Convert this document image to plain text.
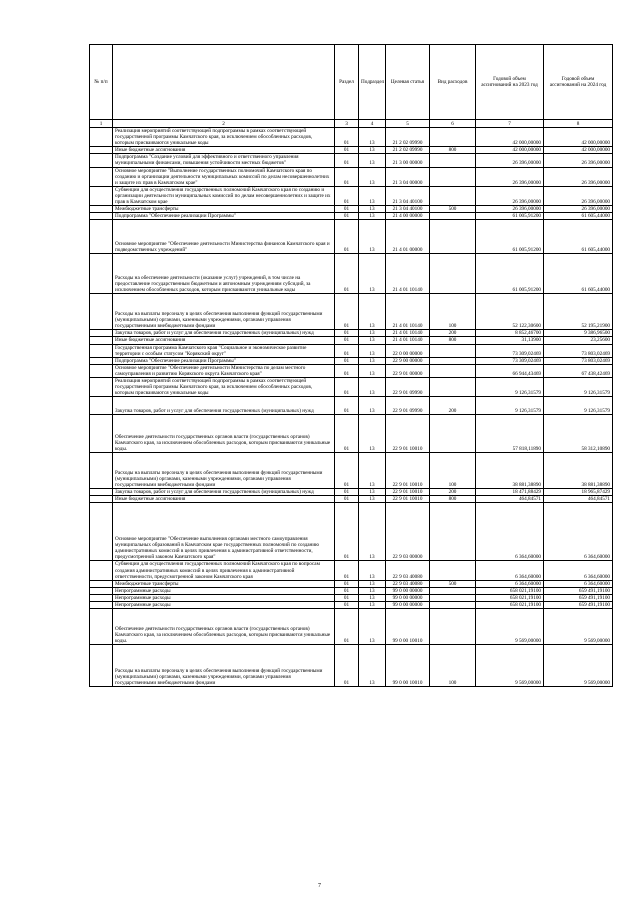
№ п/п		Раздел	Подраздел	Целевая статья	Вид расходов	Годовой объем ассигнований на 2023 год	Годовой объем ассигнований на 2024 год
1	2	3	4	5	6	7	8
	Реализация мероприятий соответствующей подпрограммы в рамках соответствующей государственной программы Камчатского края, за исключением обособленных расходов, которым присваиваются уникальные коды	01	13	21 2 02 09990		42 000,00000	42 000,00000
	Иные бюджетные ассигнования	01	13	21 2 02 09990	800	42 000,00000	42 000,00000
	Подпрограмма "Создание условий для эффективного и ответственного управления муниципальными финансами, повышения устойчивости местных бюджетов"	01	13	21 3 00 00000		26 396,00000	26 396,00000
	Основное мероприятие "Выполнение государственных полномочий Камчатского края по созданию и организации деятельности муниципальных комиссий по делам несовершеннолетних и защите их прав в Камчатском крае"	01	13	21 3 04 00000		26 396,00000	26 396,00000
	Субвенции для осуществления государственных полномочий Камчатского края по созданию и организации деятельности муниципальных комиссий по делам несовершеннолетних и защите их прав в Камчатском крае	01	13	21 3 04 40100		26 396,00000	26 396,00000
	Межбюджетные трансферты	01	13	21 3 04 40100	500	26 396,00000	26 396,00000
	Подпрограмма "Обеспечение реализации Программы"	01	13	21 4 00 00000		61 005,91200	61 605,44000
	Основное мероприятие "Обеспечение деятельности Министерства финансов Камчатского края и подведомственных учреждений"	01	13	21 4 01 00000		61 005,91200	61 605,44000
	Расходы на обеспечение деятельности (оказание услуг) учреждений, в том числе на предоставление государственным бюджетным и автономным учреждениям субсидий, за исключением обособленных расходов, которым присваиваются уникальные коды	01	13	21 4 01 10140		61 005,91200	61 605,44000
	Расходы на выплаты персоналу в целях обеспечения выполнения функций государственными (муниципальными) органами, казенными учреждениями, органами управления государственными внебюджетными фондами	01	13	21 4 01 10140	100	52 122,30600	52 195,21900
	Закупка товаров, работ и услуг для обеспечения государственных (муниципальных) нужд	01	13	21 4 01 10140	200	8 852,46700	9 386,96500
	Иные бюджетные ассигнования	01	13	21 4 01 10140	800	31,13900	23,25600
	Государственная программа Камчатского края "Социальное и экономическое развитие территории с особым статусом "Корякский округ"	01	13	22 0 00 00000		73 309,02469	73 803,02469
	Подпрограмма "Обеспечение реализации Программы"	01	13	22 9 00 00000		73 309,02469	73 803,02469
	Основное мероприятие "Обеспечение деятельности Министерства по делам местного самоуправления и развитию Корякского округа Камчатского края"	01	13	22 9 01 00000		66 944,43469	67 438,42469
	Реализация мероприятий соответствующей подпрограммы в рамках соответствующей государственной программы Камчатского края, за исключением обособленных расходов, которым присваиваются уникальные коды	01	13	22 9 01 09990		9 126,31579	9 126,31579
	Закупка товаров, работ и услуг для обеспечения государственных (муниципальных) нужд	01	13	22 9 01 09990	200	9 126,31579	9 126,31579
	Обеспечение деятельности государственных органов власти (государственных органов) Камчатского края, за исключением обособленных расходов, которым присваиваются уникальные коды.	01	13	22 9 01 10010		57 818,11890	58 312,10890
	Расходы на выплаты персоналу в целях обеспечения выполнения функций государственными (муниципальными) органами, казенными учреждениями, органами управления государственными внебюджетными фондами	01	13	22 9 01 10010	100	38 881,38890	38 881,38890
	Закупка товаров, работ и услуг для обеспечения государственных (муниципальных) нужд	01	13	22 9 01 10010	200	18 471,88429	18 965,87429
	Иные бюджетные ассигнования	01	13	22 9 01 10010	800	464,84571	464,84571
	Основное мероприятие "Обеспечение выполнения органами местного самоуправления муниципальных образований в Камчатском крае государственных полномочий по созданию административных комиссий в целях привлечения к административной ответственности, предусмотренной законом Камчатского края"	01	13	22 9 03 00000		6 364,60000	6 364,60000
	Субвенции для осуществления государственных полномочий Камчатского края по вопросам создания административных комиссий в целях привлечения к административной ответственности, предусмотренной законом Камчатского края	01	13	22 9 03 40080		6 364,60000	6 364,60000
	Межбюджетные трансферты	01	13	22 9 03 40080	500	6 364,60000	6 364,60000
	Непрограммные расходы	01	13	99 0 00 00000		658 021,19100	659 491,19100
	Непрограммные расходы	01	13	99 0 00 00000		658 021,19100	659 491,19100
	Непрограммные расходы	01	13	99 0 00 00000		658 021,19100	659 491,19100
	Обеспечение деятельности государственных органов власти (государственных органов) Камчатского края, за исключением обособленных расходов, которым присваиваются уникальные коды.	01	13	99 0 00 10010		9 569,00000	9 569,00000
	Расходы на выплаты персоналу в целях обеспечения выполнения функций государственными (муниципальными) органами, казенными учреждениями, органами управления государственными внебюджетными фондами	01	13	99 0 00 10010	100	9 569,00000	9 569,00000
7
